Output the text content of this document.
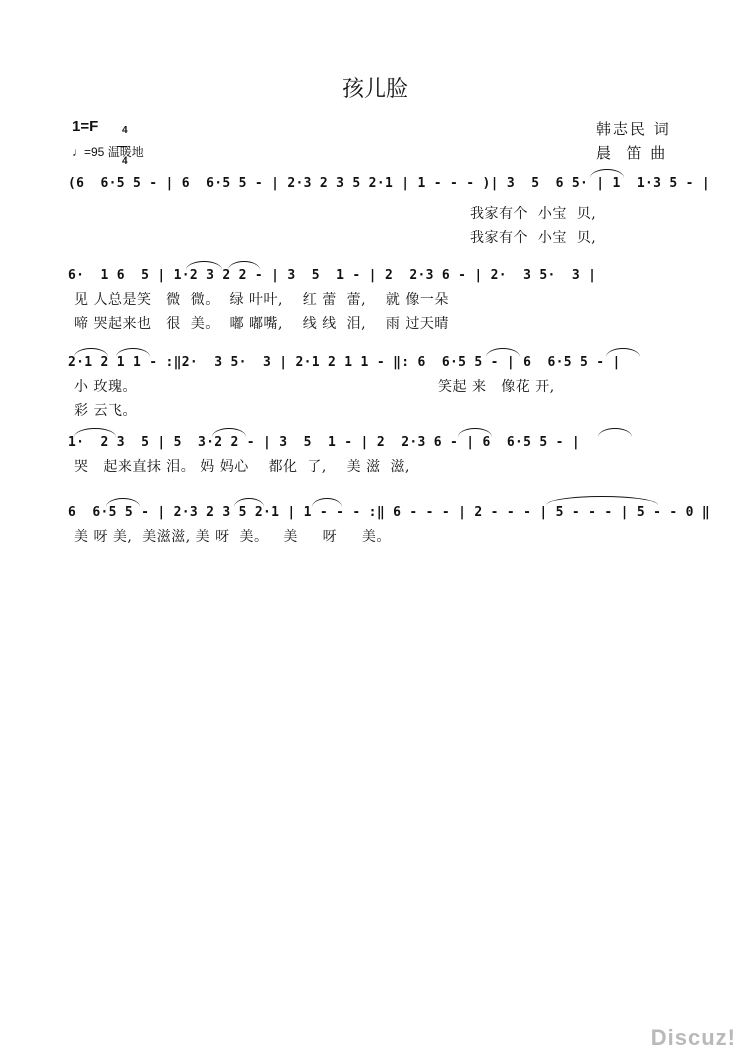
孩儿脸
1=F	4

4

♩=95 温暖地
韩志民 词
晨  笛 曲
(6  6·5 5 - | 6  6·5 5 - | 2·3 2 3 5 2·1 | 1 - - - )| 3  5  6 5· | 1  1·3 5 - |
我家有个  小宝  贝,
我家有个  小宝  贝,
6·  1 6  5 | 1·2 3 2 2 - | 3  5  1 - | 2  2·3 6 - | 2·  3 5·  3 |
见 人总是笑   微  微。  绿 叶叶,    红 蕾  蕾,    就 像一朵
啼 哭起来也   很  美。  嘟 嘟嘴,    线 线  泪,    雨 过天晴
2·1 2 1 1 - :‖2·  3 5·  3 | 2·1 2 1 1 - ‖: 6  6·5 5 - | 6  6·5 5 - |
小 玫瑰。
彩 云飞。
笑起 来   像花 开,
1·  2 3  5 | 5  3·2 2 - | 3  5  1 - | 2  2·3 6 - | 6  6·5 5 - |
哭   起来直抹 泪。 妈 妈心    都化  了,    美 滋  滋,
6  6·5 5 - | 2·3 2 3 5 2·1 | 1 - - - :‖ 6 - - - | 2 - - - | 5 - - - | 5 - - 0 ‖
美 呀 美,  美滋滋, 美 呀  美。   美     呀     美。
Discuz!
